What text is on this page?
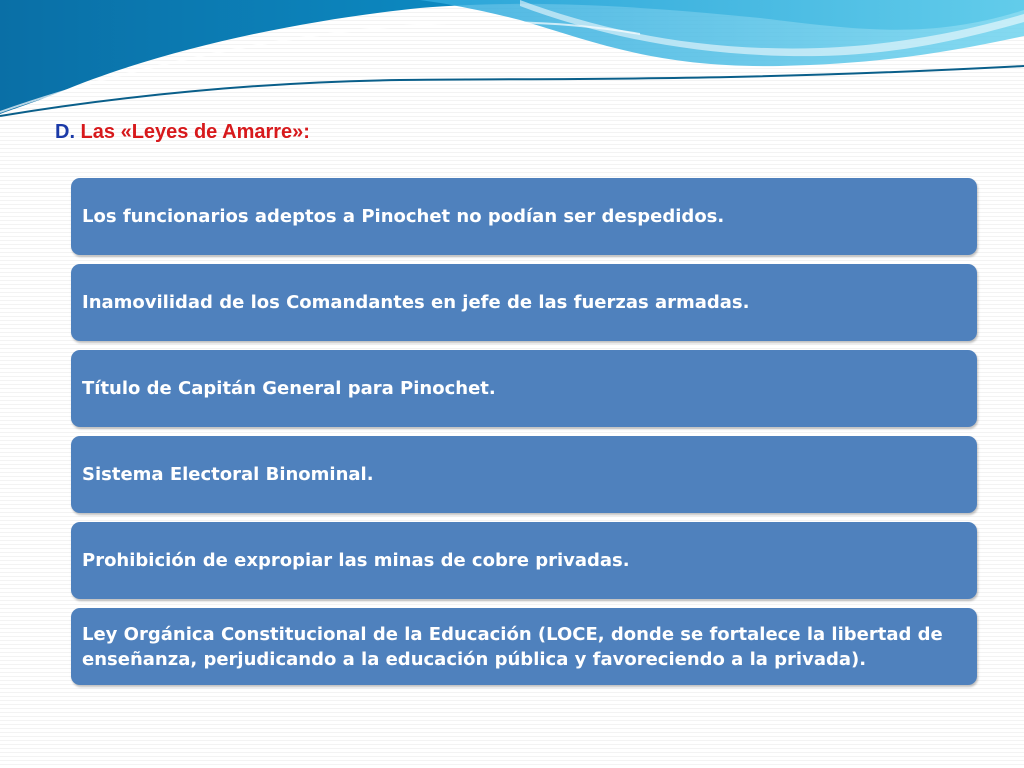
D. Las «Leyes de Amarre»:
Los funcionarios adeptos a Pinochet no podían ser despedidos.
Inamovilidad de los Comandantes en jefe de las fuerzas armadas.
Título de Capitán General para Pinochet.
Sistema Electoral Binominal.
Prohibición de expropiar las minas de cobre privadas.
Ley Orgánica Constitucional de la Educación (LOCE, donde se fortalece la libertad de enseñanza, perjudicando a la educación pública y favoreciendo a la privada).
